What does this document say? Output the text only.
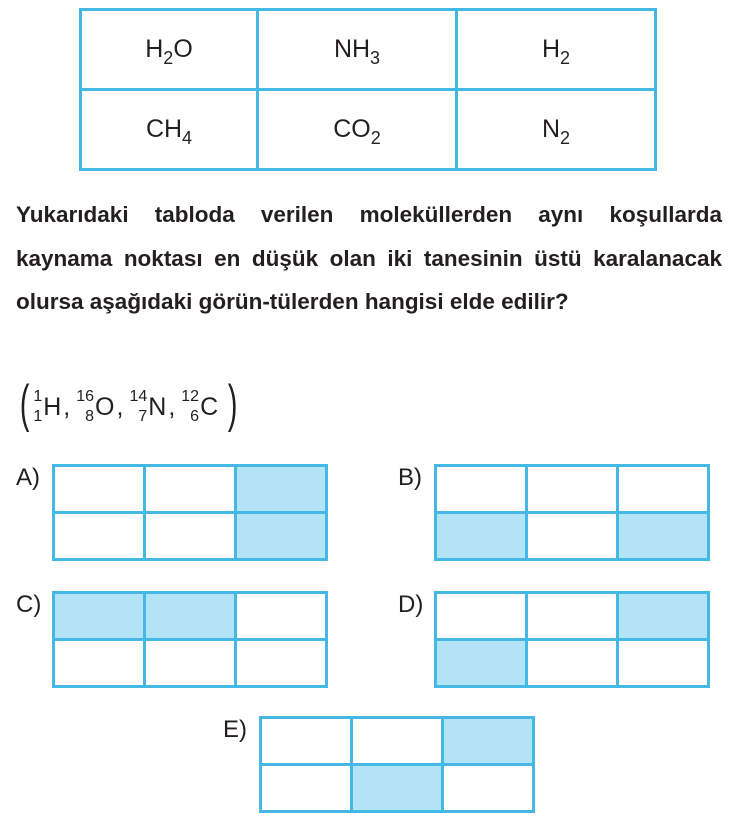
$H_2O$	$NH_3$	$H_2$
$CH_4$	$CO_2$	$N_2$

Yukarıdaki tabloda verilen moleküllerden aynı koşullarda kaynama noktası en düşük olan iki tanesinin üstü karalanacak olursa aşağıdaki görün-tülerden hangisi elde edilir?

( 1
1 H , 16
8 O , 14
7 N , 12
6 C )
A)

			B)

C)

			D)

E)
